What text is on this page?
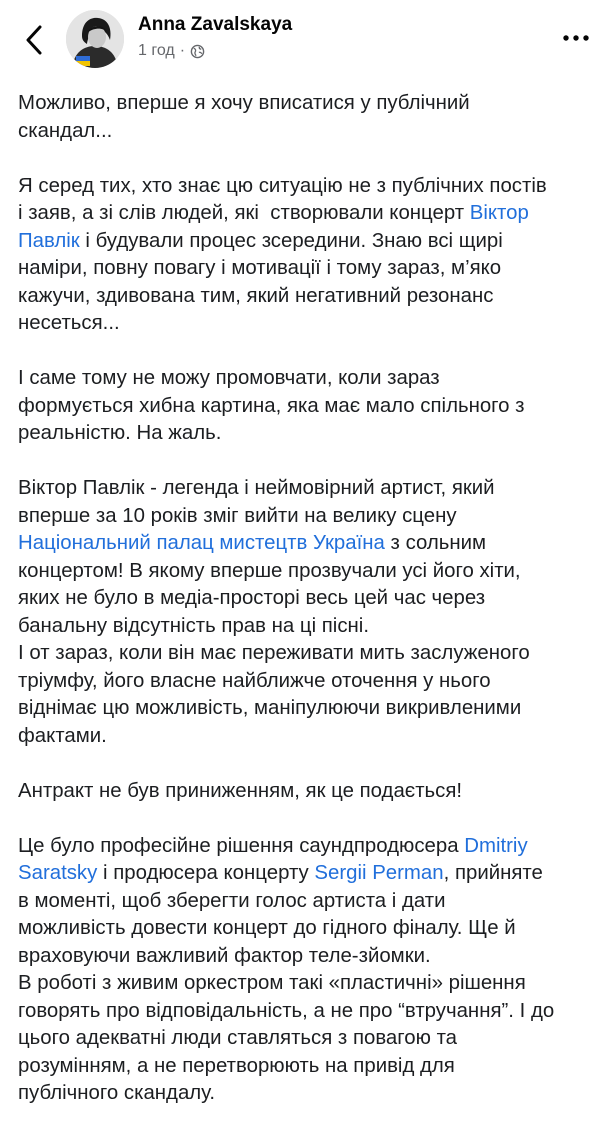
Anna Zavalskaya
1 год ·

Можливо, вперше я хочу вписатися у публічний
скандал...

Я серед тих, хто знає цю ситуацію не з публічних постів
і заяв, а зі слів людей, які  створювали концерт Віктор
Павлік і будували процес зсередини. Знаю всі щирі
наміри, повну повагу і мотивації і тому зараз, м’яко
кажучи, здивована тим, який негативний резонанс
несеться...

І саме тому не можу промовчати, коли зараз
формується хибна картина, яка має мало спільного з
реальністю. На жаль.

Віктор Павлік - легенда і неймовірний артист, який
вперше за 10 років зміг вийти на велику сцену
Національний палац мистецтв Україна з сольним
концертом! В якому вперше прозвучали усі його хіти,
яких не було в медіа-просторі весь цей час через
банальну відсутність прав на ці пісні.
І от зараз, коли він має переживати мить заслуженого
тріумфу, його власне найближче оточення у нього
віднімає цю можливість, маніпулюючи викривленими
фактами.

Антракт не був приниженням, як це подається!

Це було професійне рішення саундпродюсера Dmitriy
Saratsky і продюсера концерту Sergii Perman, прийняте
в моменті, щоб зберегти голос артиста і дати
можливість довести концерт до гідного фіналу. Ще й
враховуючи важливий фактор теле-зйомки.
В роботі з живим оркестром такі «пластичні» рішення
говорять про відповідальність, а не про “втручання”. І до
цього адекватні люди ставляться з повагою та
розумінням, а не перетворюють на привід для
публічного скандалу.
